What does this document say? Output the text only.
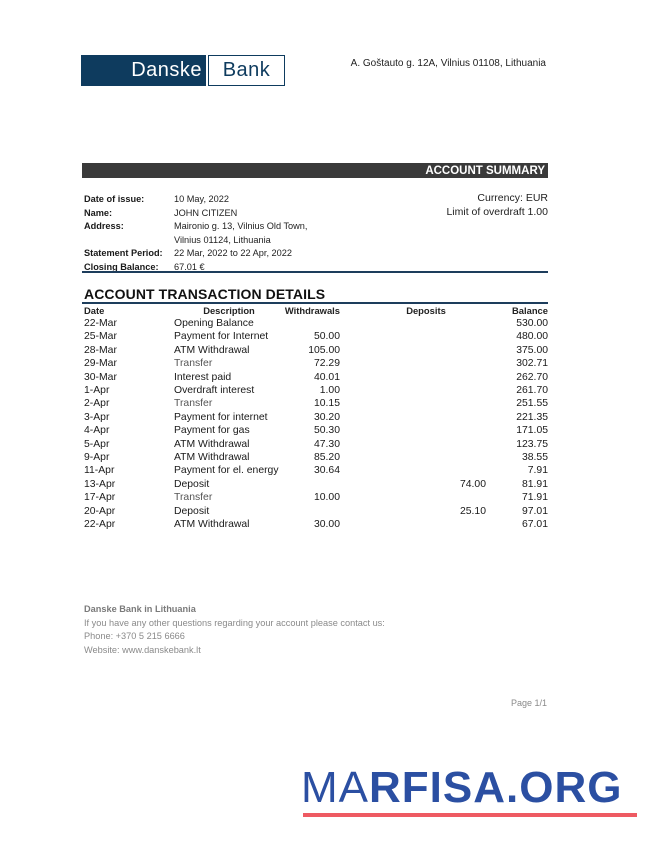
Danske	Bank	A. Goštauto g. 12A, Vilnius 01108, Lithuania
ACCOUNT SUMMARY
Date of issue:	10 May, 2022
Name:	JOHN CITIZEN
Address:	Maironio g. 13, Vilnius Old Town,
Vilnius 01124, Lithuania
Statement Period:	22 Mar, 2022 to 22 Apr, 2022
Closing Balance:	67.01 €
Currency: EUR
Limit of overdraft 1.00
ACCOUNT TRANSACTION DETAILS
Date	Description	Withdrawals	Deposits	Balance
22-Mar	Opening Balance			530.00
25-Mar	Payment for Internet	50.00		480.00
28-Mar	ATM Withdrawal	105.00		375.00
29-Mar	Transfer	72.29		302.71
30-Mar	Interest paid	40.01		262.70
1-Apr	Overdraft interest	1.00		261.70
2-Apr	Transfer	10.15		251.55
3-Apr	Payment for internet	30.20		221.35
4-Apr	Payment for gas	50.30		171.05
5-Apr	ATM Withdrawal	47.30		123.75
9-Apr	ATM Withdrawal	85.20		38.55
11-Apr	Payment for el. energy	30.64		7.91
13-Apr	Deposit		74.00	81.91
17-Apr	Transfer	10.00		71.91
20-Apr	Deposit		25.10	97.01
22-Apr	ATM Withdrawal	30.00		67.01
Danske Bank in Lithuania
If you have any other questions regarding your account please contact us:
Phone: +370 5 215 6666
Website: www.danskebank.lt
Page 1/1
MARFISA.ORG
